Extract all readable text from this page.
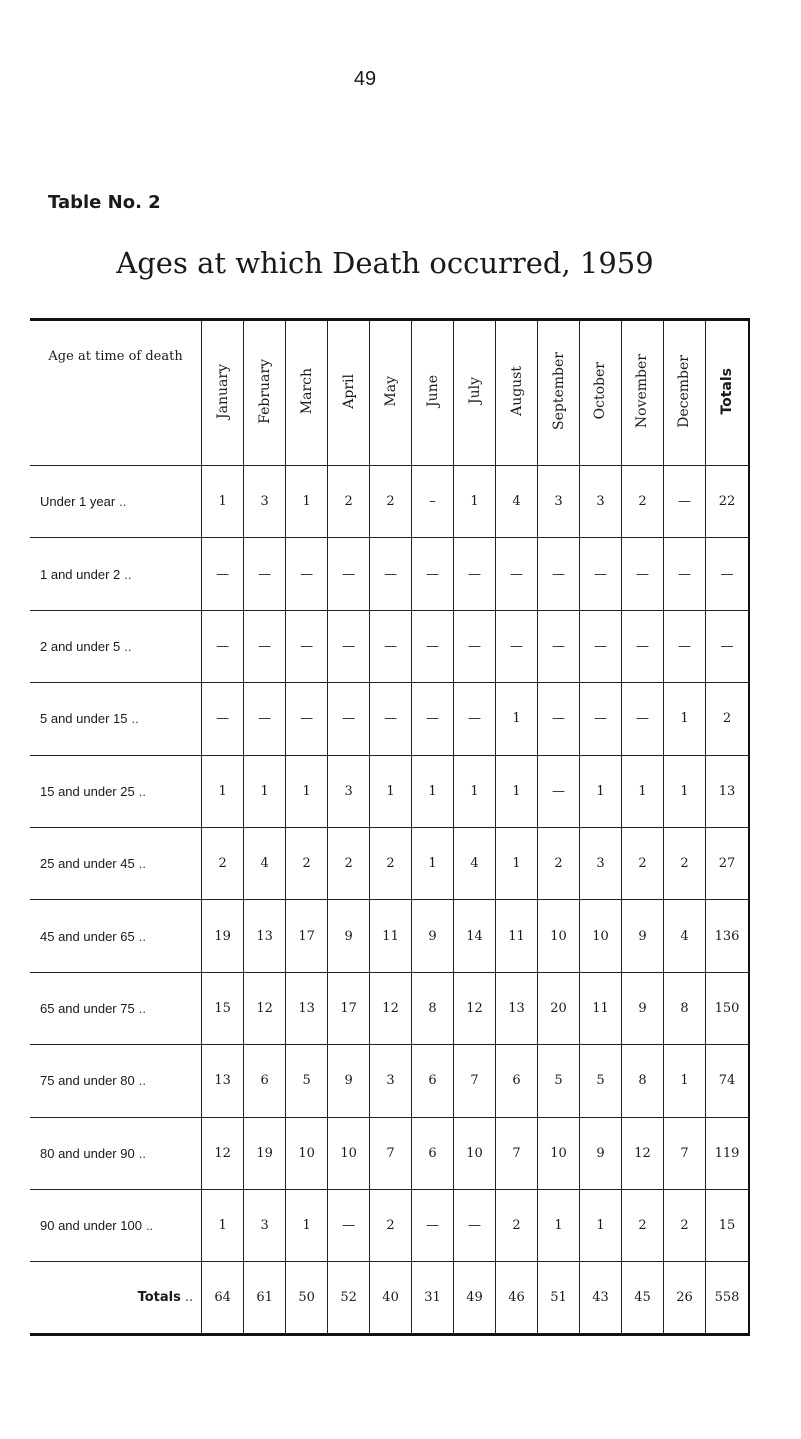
49
Table No. 2
Ages at which Death occurred, 1959
Age at time of death	January	February	March	April	May	June	July	August	September	October	November	December	Totals
Under 1 year ..	1	3	1	2	2	–	1	4	3	3	2	—	22
1 and under 2 ..	—	—	—	—	—	—	—	—	—	—	—	—	—
2 and under 5 ..	—	—	—	—	—	—	—	—	—	—	—	—	—
5 and under 15 ..	—	—	—	—	—	—	—	1	—	—	—	1	2
15 and under 25 ..	1	1	1	3	1	1	1	1	—	1	1	1	13
25 and under 45 ..	2	4	2	2	2	1	4	1	2	3	2	2	27
45 and under 65 ..	19	13	17	9	11	9	14	11	10	10	9	4	136
65 and under 75 ..	15	12	13	17	12	8	12	13	20	11	9	8	150
75 and under 80 ..	13	6	5	9	3	6	7	6	5	5	8	1	74
80 and under 90 ..	12	19	10	10	7	6	10	7	10	9	12	7	119
90 and under 100 ..	1	3	1	—	2	—	—	2	1	1	2	2	15
Totals ..	64	61	50	52	40	31	49	46	51	43	45	26	558
